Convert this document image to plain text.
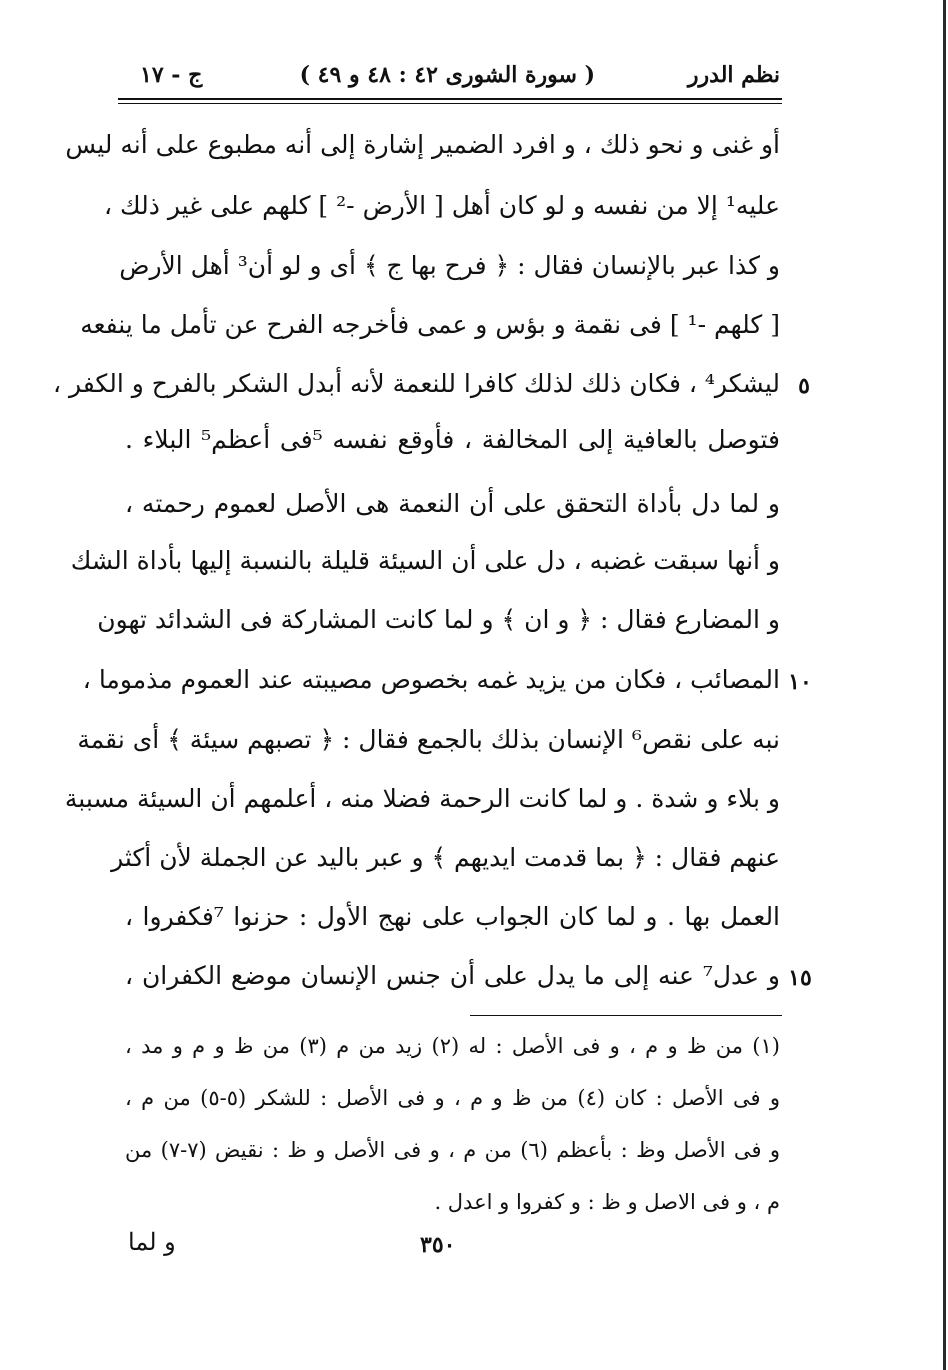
نظم الدرر
( سورة الشورى ٤٢ : ٤٨ و ٤٩ )
ج - ١٧
أو غنى و نحو ذلك ، و افرد الضمير إشارة إلى أنه مطبوع على أنه ليس
عليه¹ إلا من نفسه و لو كان أهل [ الأرض -² ] كلهم على غير ذلك ،
و كذا عبر بالإنسان فقال : ﴿ فرح بها ج ﴾ أى و لو أن³ أهل الأرض
[ كلهم -¹ ] فى نقمة و بؤس و عمى فأخرجه الفرح عن تأمل ما ينفعه
ليشكر⁴ ، فكان ذلك لذلك كافرا للنعمة لأنه أبدل الشكر بالفرح و الكفر ، ٥
فتوصل بالعافية إلى المخالفة ، فأوقع نفسه ⁵فى أعظم⁵ البلاء .
و لما دل بأداة التحقق على أن النعمة هى الأصل لعموم رحمته ،
و أنها سبقت غضبه ، دل على أن السيئة قليلة بالنسبة إليها بأداة الشك
و المضارع فقال : ﴿ و ان ﴾ و لما كانت المشاركة فى الشدائد تهون
المصائب ، فكان من يزيد غمه بخصوص مصيبته عند العموم مذموما ، ١٠
نبه على نقص⁶ الإنسان بذلك بالجمع فقال : ﴿ تصبهم سيئة ﴾ أى نقمة
و بلاء و شدة . و لما كانت الرحمة فضلا منه ، أعلمهم أن السيئة مسببة
عنهم فقال : ﴿ بما قدمت ايديهم ﴾ و عبر باليد عن الجملة لأن أكثر
العمل بها . و لما كان الجواب على نهج الأول : حزنوا ⁷فكفروا ،
و عدل⁷ عنه إلى ما يدل على أن جنس الإنسان موضع الكفران ، ١٥
(١) من ظ و م ، و فى الأصل : له (٢) زيد من م (٣) من ظ و م و مد ،
و فى الأصل : كان (٤) من ظ و م ، و فى الأصل : للشكر (٥-٥) من م ،
و فى الأصل وظ : بأعظم (٦) من م ، و فى الأصل و ظ : نقيض (٧-٧) من
م ، و فى الاصل و ظ : و كفروا و اعدل .
و لما	٣٥٠
